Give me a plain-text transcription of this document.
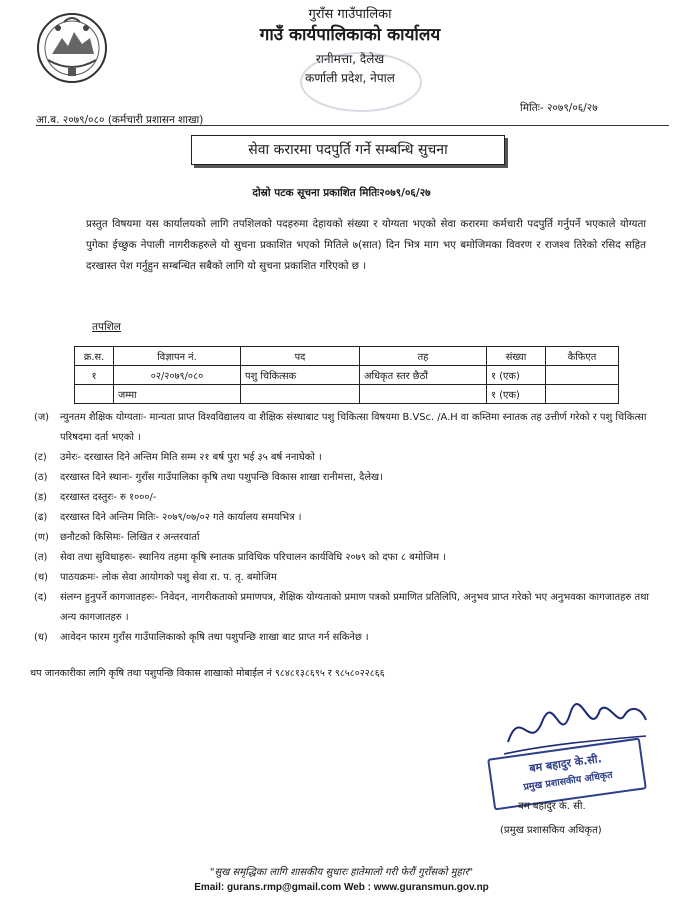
गुराँस गाउँपालिका
गाउँ कार्यपालिकाको कार्यालय
रानीमत्ता, दैलेख
कर्णाली प्रदेश, नेपाल
आ.ब. २०७९/०८० (कर्मचारी प्रशासन शाखा)
मितिः- २०७९/०६/२७
सेवा करारमा पदपुर्ति गर्ने सम्बन्धि सुचना
दोस्रो पटक सूचना प्रकाशित मितिः२०७९/०६/२७
प्रस्तुत विषयमा यस कार्यालयको लागि तपशिलको पदहरुमा देहायको संख्या र योग्यता भएको सेवा करारमा कर्मचारी पदपुर्ति गर्नुपर्ने भएकाले योग्यता पुगेका ईच्छुक नेपाली नागरीकहरुले यो सुचना प्रकाशित भएको मितिले ७(सात) दिन भित्र माग भए बमोजिमका विवरण र राजश्व तिरेको रसिद सहित दरखास्त पेश गर्नुहुन सम्बन्धित सबैको लागि यो सुचना प्रकाशित गरिएको छ ।
तपशिल
क्र.स.	विज्ञापन नं.	पद	तह	संख्या	कैफिएत
१	०२/२०७९/०८०	पशु चिकित्सक	अधिकृत स्तर छैठौं	१ (एक)	
	जम्मा			१ (एक)	
(ज)	न्युनतम शैक्षिक योग्यताः- मान्यता प्राप्त विश्वविद्यालय वा शैक्षिक संस्थाबाट पशु चिकित्सा विषयमा B.VSc. /A.H वा कम्तिमा स्नातक तह उत्तीर्ण गरेको र पशु चिकित्सा परिषदमा दर्ता भएको ।
(ट)	उमेरः- दरखास्त दिने अन्तिम मिति सम्म २१ बर्ष पुरा भई ३५ बर्ष ननाघेको ।
(ठ)	दरखास्त दिने स्थानः- गुराँस गाउँपालिका कृषि तथा पशुपन्छि विकास शाखा रानीमत्ता, दैलेख।
(ड)	दरखास्त दस्तुरः- रु १०००/-
(ढ)	दरखास्त दिने अन्तिम मितिः- २०७९/०७/०२ गते कार्यालय समयभित्र ।
(ण)	छनौटको किसिमः- लिखित र अन्तरवार्ता
(त)	सेवा तथा सुविधाहरुः- स्थानिय तहमा कृषि स्नातक प्राविधिक परिचालन कार्यविधि २०७९ को दफा ८ बमोजिम ।
(थ)	पाठयक्रमः- लोक सेवा आयोगको पशु सेवा रा. प. तृ. बमोजिम
(द)	संलग्न हुनुपर्ने कागजातहरुः- निवेदन, नागरीकताको प्रमाणपत्र, शैक्षिक योग्यताको प्रमाण पत्रको प्रमाणित प्रतिलिपि, अनुभव प्राप्त गरेको भए अनुभवका कागजातहरु तथा अन्य कागजातहरु ।
(ध)	आवेदन फारम गुराँस गाउँपालिकाको कृषि तथा पशुपन्छि शाखा बाट प्राप्त गर्न सकिनेछ ।
थप जानकारीका लागि कृषि तथा पशुपन्छि विकास शाखाको मोबाईल नं ९८४८१३८६९५ र ९८५८०२२८६६
बम बहादुर के.सी.
प्रमुख प्रशासकीय अधिकृत
बम बहादुर के. सी.
(प्रमुख प्रशासकिय अधिकृत)
"सुख समृद्धिका लागि शासकीय सुधारः हातेमालो गरी फेरौं गुराँसको मुहार"
Email: gurans.rmp@gmail.com Web : www.guransmun.gov.np
